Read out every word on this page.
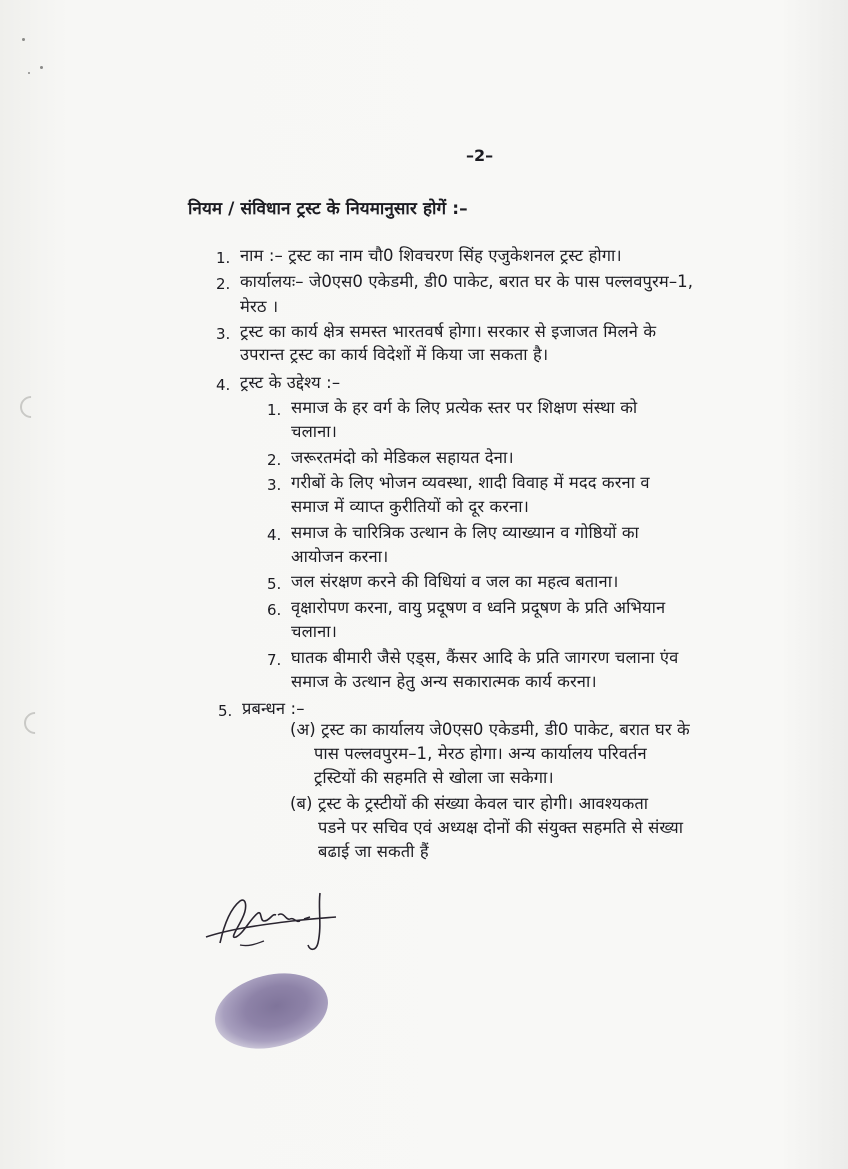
–2–
नियम / संविधान ट्रस्ट के नियमानुसार होगें :–
1. नाम :– ट्रस्ट का नाम चौ0 शिवचरण सिंह एजुकेशनल ट्रस्ट होगा।
2. कार्यालयः– जे0एस0 एकेडमी, डी0 पाकेट, बरात घर के पास पल्लवपुरम–1,
मेरठ ।
3. ट्रस्ट का कार्य क्षेत्र समस्त भारतवर्ष होगा। सरकार से इजाजत मिलने के
उपरान्त ट्रस्ट का कार्य विदेशों में किया जा सकता है।
4. ट्रस्ट के उद्देश्य :–
1. समाज के हर वर्ग के लिए प्रत्येक स्तर पर शिक्षण संस्था को
चलाना।
2. जरूरतमंदो को मेडिकल सहायत देना।
3. गरीबों के लिए भोजन व्यवस्था, शादी विवाह में मदद करना व
समाज में व्याप्त कुरीतियों को दूर करना।
4. समाज के चारित्रिक उत्थान के लिए व्याख्यान व गोष्ठियों का
आयोजन करना।
5. जल संरक्षण करने की विधियां व जल का महत्व बताना।
6. वृक्षारोपण करना, वायु प्रदूषण व ध्वनि प्रदूषण के प्रति अभियान
चलाना।
7. घातक बीमारी जैसे एड्स, कैंसर आदि के प्रति जागरण चलाना एंव
समाज के उत्थान हेतु अन्य सकारात्मक कार्य करना।
5. प्रबन्धन :–
(अ) ट्रस्ट का कार्यालय जे0एस0 एकेडमी, डी0 पाकेट, बरात घर के
पास पल्लवपुरम–1, मेरठ होगा। अन्य कार्यालय परिवर्तन
ट्रस्टियों की सहमति से खोला जा सकेगा।
(ब) ट्रस्ट के ट्रस्टीयों की संख्या केवल चार होगी। आवश्यकता
पडने पर सचिव एवं अध्यक्ष दोनों की संयुक्त सहमति से संख्या
बढाई जा सकती हैं
